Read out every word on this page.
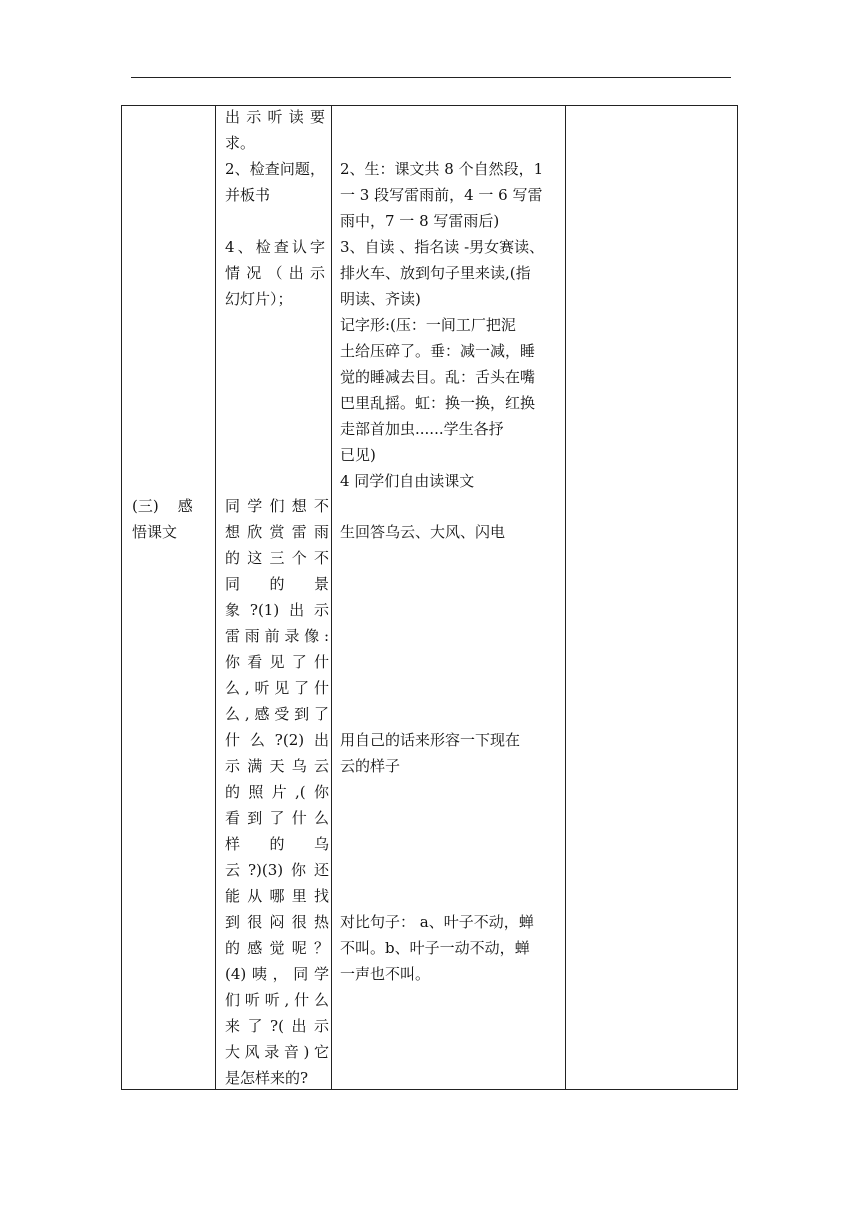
(三)    感

悟课文

出示听读要

求。

2、检查问题，

并板书

4、检查认字

情况（出示

幻灯片）；

同学们想不

想欣赏雷雨

的这三个不

同 的 景

象?(1)出示

雷雨前录像:

你看见了什

么,听见了什

么,感受到了

什么?(2)出

示满天乌云

的照片,(你

看到了什么

样 的 乌

云?)(3)你还

能从哪里找

到很闷很热

的感觉呢？

(4)咦，同学

们听听,什么

来了?(出示

大风录音)它

是怎样来的?

2、生：课文共 8 个自然段，1

一 3 段写雷雨前，4 一 6 写雷

雨中，7 一 8 写雷雨后)

3、自读 、指名读 -男女赛读、

排火车、放到句子里来读,(指

明读、齐读)

记字形:(压：一间工厂把泥

土给压碎了。垂：减一减，睡

觉的睡减去目。乱：舌头在嘴

巴里乱摇。虹：换一换，红换

走部首加虫......学生各抒

已见)

4 同学们自由读课文

生回答乌云、大风、闪电

用自己的话来形容一下现在

云的样子

对比句子： a、叶子不动，蝉

不叫。b、叶子一动不动，蝉

一声也不叫。
